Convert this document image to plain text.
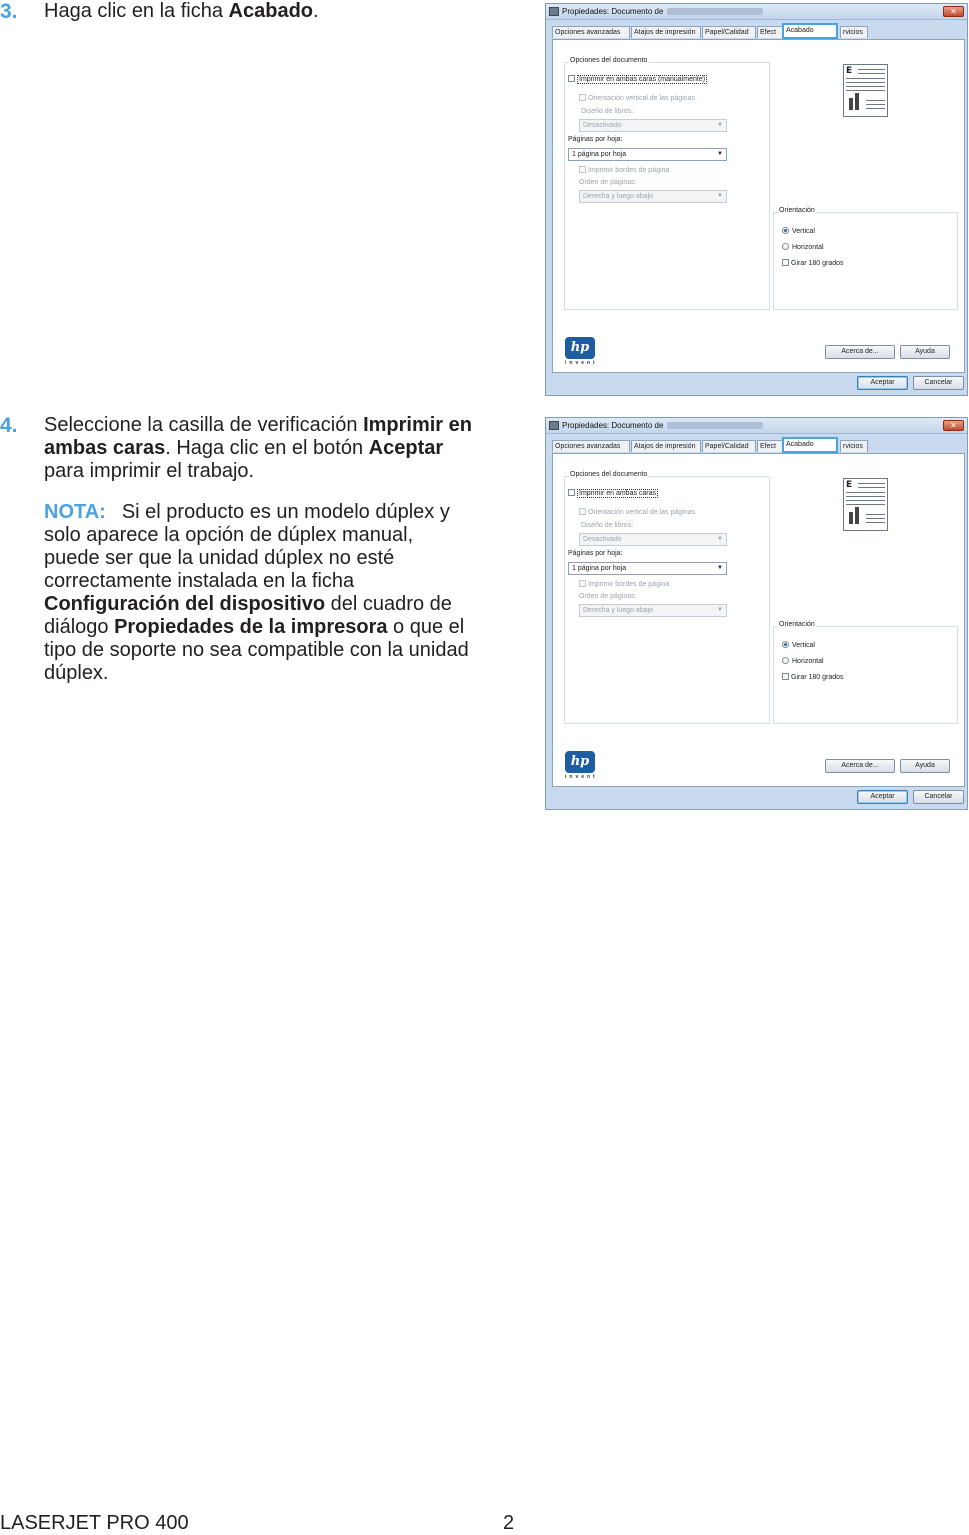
3. Haga clic en la ficha Acabado.
4. Seleccione la casilla de verificación Imprimir en ambas caras. Haga clic en el botón Aceptar para imprimir el trabajo.
NOTA: Si el producto es un modelo dúplex y solo aparece la opción de dúplex manual, puede ser que la unidad dúplex no esté correctamente instalada en la ficha Configuración del dispositivo del cuadro de diálogo Propiedades de la impresora o que el tipo de soporte no sea compatible con la unidad dúplex.
Propiedades: Documento de	✕
Opciones avanzadas	Atajos de impresión	Papel/Calidad	Efect	Acabado	rvicios
Opciones del documento
Imprimir en ambas caras (manualmente)
Orientación vertical de las páginas
Diseño de libros:
Desactivado	▼
Páginas por hoja:
1 página por hoja	▼
Imprimir bordes de página
Orden de páginas:
Derecha y luego abajo	▼
E
Orientación
Vertical
Horizontal
Girar 180 grados
hp
invent
Acerca de...	Ayuda
Aceptar	Cancelar
Propiedades: Documento de	✕
Opciones avanzadas	Atajos de impresión	Papel/Calidad	Efect	Acabado	rvicios
Opciones del documento
Imprimir en ambas caras
Orientación vertical de las páginas
Diseño de libros:
Desactivado	▼
Páginas por hoja:
1 página por hoja	▼
Imprimir bordes de página
Orden de páginas:
Derecha y luego abajo	▼
E
Orientación
Vertical
Horizontal
Girar 180 grados
hp
invent
Acerca de...	Ayuda
Aceptar	Cancelar
LASERJET PRO 400	2
